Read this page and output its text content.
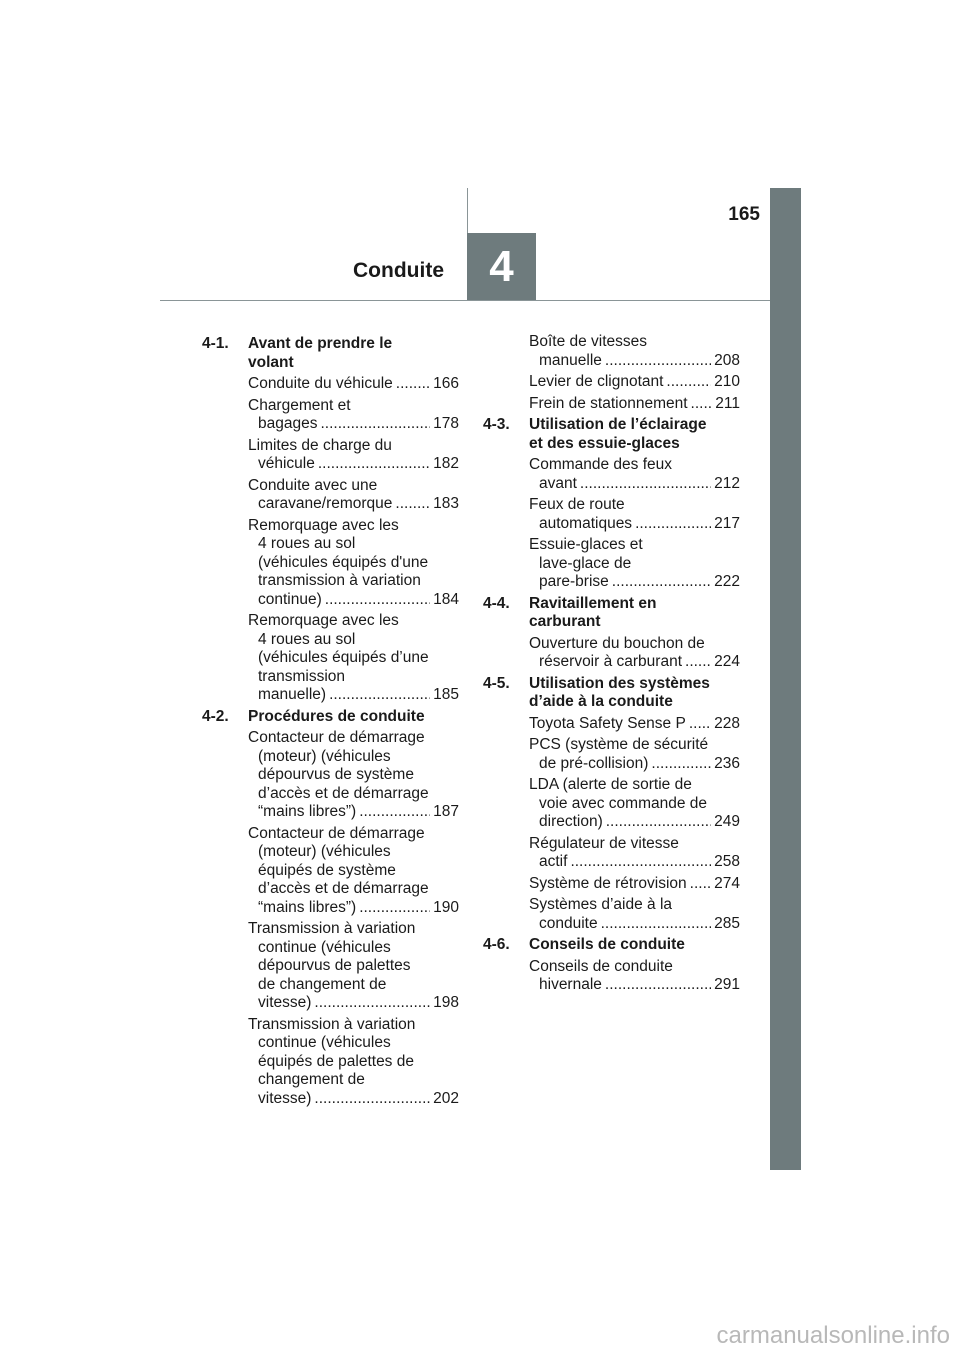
4
165
Conduite
4-1.	Avant de prendre le
volant
Conduite du véhicule .....	166
Chargement et
bagages .....	178
Limites de charge du
véhicule .....	182
Conduite avec une
caravane/remorque .....	183
Remorquage avec les
4 roues au sol
(véhicules équipés d'une
transmission à variation
continue) .....	184
Remorquage avec les
4 roues au sol
(véhicules équipés d’une
transmission
manuelle) .....	185
4-2.	Procédures de conduite
Contacteur de démarrage
(moteur) (véhicules
dépourvus de système
d’accès et de démarrage
“mains libres”) .....	187
Contacteur de démarrage
(moteur) (véhicules
équipés de système
d’accès et de démarrage
“mains libres”) .....	190
Transmission à variation
continue (véhicules
dépourvus de palettes
de changement de
vitesse) .....	198
Transmission à variation
continue (véhicules
équipés de palettes de
changement de
vitesse) .....	202
Boîte de vitesses
manuelle .....	208
Levier de clignotant .....	210
Frein de stationnement ..... 211
4-3.	Utilisation de l’éclairage
et des essuie-glaces
Commande des feux
avant .....	212
Feux de route
automatiques .....	217
Essuie-glaces et
lave-glace de
pare-brise .....	222
4-4.	Ravitaillement en
carburant
Ouverture du bouchon de
réservoir à carburant ..... 224
4-5.	Utilisation des systèmes
d’aide à la conduite
Toyota Safety Sense P ..... 228
PCS (système de sécurité
de pré-collision) .....	236
LDA (alerte de sortie de
voie avec commande de
direction) .....	249
Régulateur de vitesse
actif .....	258
Système de rétrovision ..... 274
Systèmes d’aide à la
conduite .....	285
4-6.	Conseils de conduite
Conseils de conduite
hivernale .....	291
carmanualsonline.info
